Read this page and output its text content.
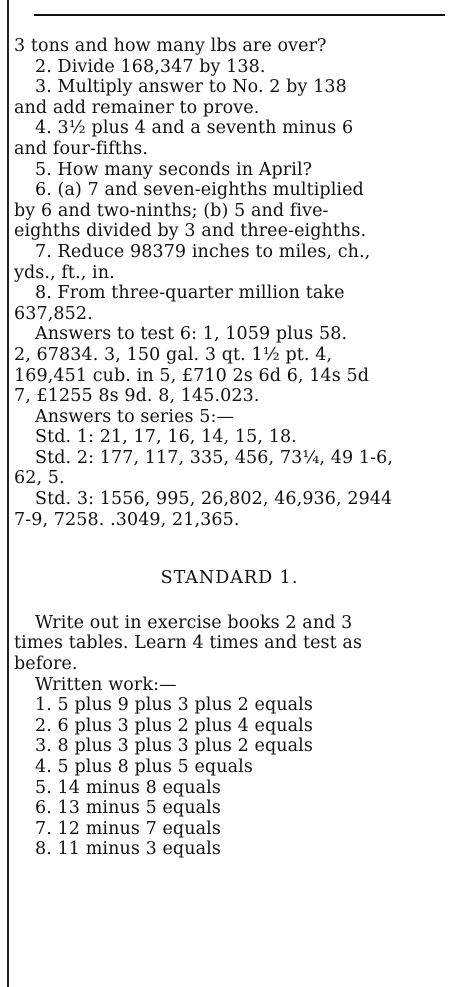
3 tons and how many lbs are over?
2. Divide 168,347 by 138.
3. Multiply answer to No. 2 by 138
and add remainer to prove.
4. 3½ plus 4 and a seventh minus 6
and four-fifths.
5. How many seconds in April?
6. (a) 7 and seven-eighths multiplied
by 6 and two-ninths; (b) 5 and five-
eighths divided by 3 and three-eighths.
7. Reduce 98379 inches to miles, ch.,
yds., ft., in.
8. From three-quarter million take
637,852.
Answers to test 6: 1, 1059 plus 58.
2, 67834. 3, 150 gal. 3 qt. 1½ pt. 4,
169,451 cub. in 5, £710 2s 6d 6, 14s 5d
7, £1255 8s 9d. 8, 145.023.
Answers to series 5:—
Std. 1: 21, 17, 16, 14, 15, 18.
Std. 2: 177, 117, 335, 456, 73¼, 49 1-6,
62, 5.
Std. 3: 1556, 995, 26,802, 46,936, 2944
7-9, 7258. .3049, 21,365.
STANDARD 1.
Write out in exercise books 2 and 3
times tables. Learn 4 times and test as
before.
Written work:—
1. 5 plus 9 plus 3 plus 2 equals
2. 6 plus 3 plus 2 plus 4 equals
3. 8 plus 3 plus 3 plus 2 equals
4. 5 plus 8 plus 5 equals
5. 14 minus 8 equals
6. 13 minus 5 equals
7. 12 minus 7 equals
8. 11 minus 3 equals
